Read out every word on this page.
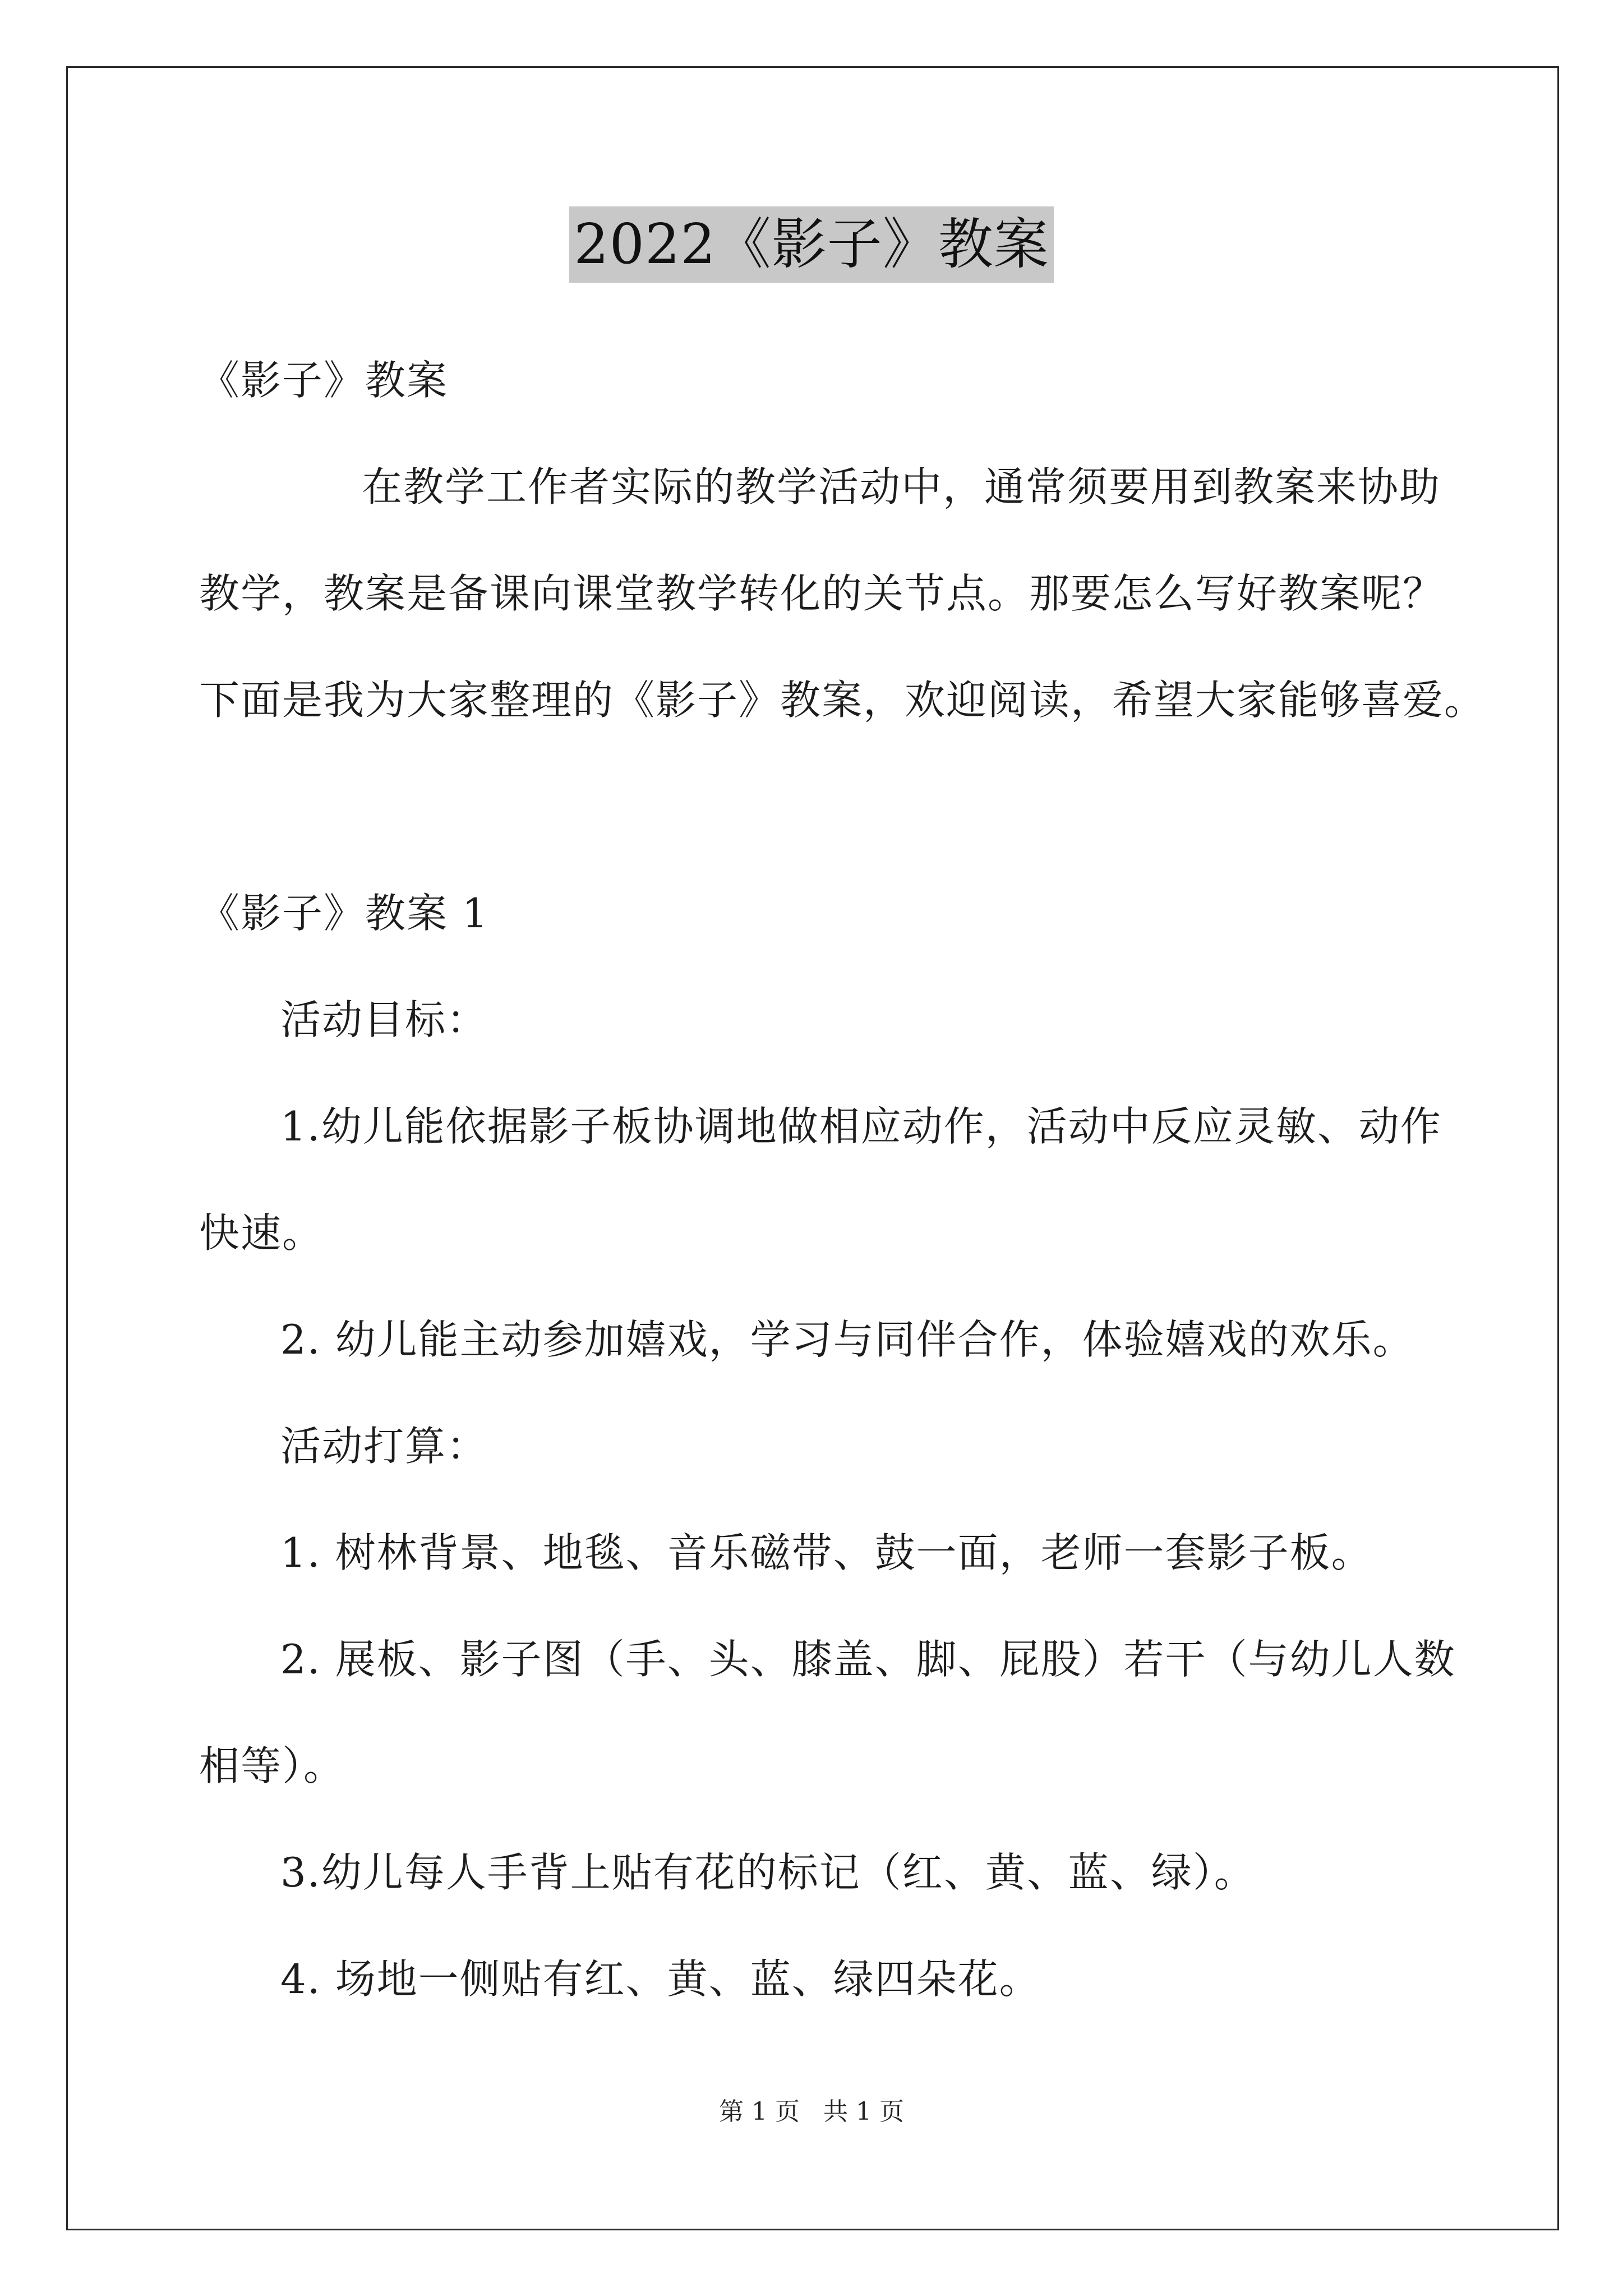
2022《影子》教案
《影子》教案
在教学工作者实际的教学活动中，通常须要用到教案来协助
教学，教案是备课向课堂教学转化的关节点。那要怎么写好教案呢？
下面是我为大家整理的《影子》教案，欢迎阅读，希望大家能够喜爱。
《影子》教案 1
活动目标：
1.幼儿能依据影子板协调地做相应动作，活动中反应灵敏、动作
快速。
2. 幼儿能主动参加嬉戏，学习与同伴合作，体验嬉戏的欢乐。
活动打算：
1. 树林背景、地毯、音乐磁带、鼓一面，老师一套影子板。
2. 展板、影子图（手、头、膝盖、脚、屁股）若干（与幼儿人数
相等）。
3.幼儿每人手背上贴有花的标记（红、黄、蓝、绿）。
4. 场地一侧贴有红、黄、蓝、绿四朵花。
第 1 页 共 1 页
